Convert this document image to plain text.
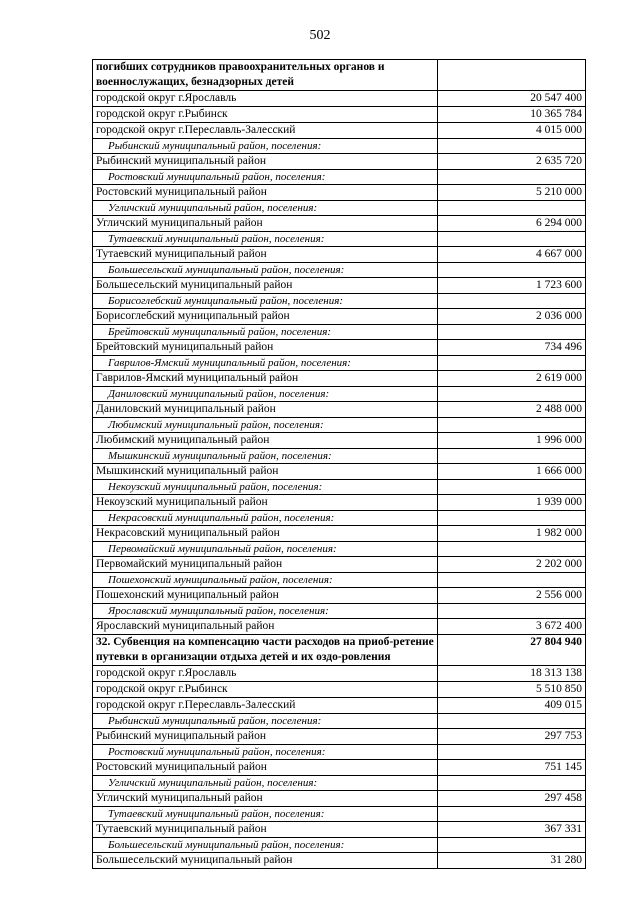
502
погибших сотрудников правоохранительных органов и военнослужащих, безнадзорных детей	
городской округ г.Ярославль	20 547 400
городской округ г.Рыбинск	10 365 784
городской округ г.Переславль-Залесский	4 015 000
Рыбинский муниципальный район, поселения:	
Рыбинский муниципальный район	2 635 720
Ростовский муниципальный район, поселения:	
Ростовский муниципальный район	5 210 000
Угличский муниципальный район, поселения:	
Угличский муниципальный район	6 294 000
Тутаевский муниципальный район, поселения:	
Тутаевский муниципальный район	4 667 000
Большесельский муниципальный район, поселения:	
Большесельский муниципальный район	1 723 600
Борисоглебский муниципальный район, поселения:	
Борисоглебский муниципальный район	2 036 000
Брейтовский муниципальный район, поселения:	
Брейтовский муниципальный район	734 496
Гаврилов-Ямский муниципальный район, поселения:	
Гаврилов-Ямский муниципальный район	2 619 000
Даниловский муниципальный район, поселения:	
Даниловский муниципальный район	2 488 000
Любимский муниципальный район, поселения:	
Любимский муниципальный район	1 996 000
Мышкинский муниципальный район, поселения:	
Мышкинский муниципальный район	1 666 000
Некоузский муниципальный район, поселения:	
Некоузский муниципальный район	1 939 000
Некрасовский муниципальный район, поселения:	
Некрасовский муниципальный район	1 982 000
Первомайский муниципальный район, поселения:	
Первомайский муниципальный район	2 202 000
Пошехонский муниципальный район, поселения:	
Пошехонский муниципальный район	2 556 000
Ярославский муниципальный район, поселения:	
Ярославский муниципальный район	3 672 400
32. Субвенция на компенсацию части расходов на приоб-ретение путевки в организации отдыха детей и их оздо-ровления	27 804 940
городской округ г.Ярославль	18 313 138
городской округ г.Рыбинск	5 510 850
городской округ г.Переславль-Залесский	409 015
Рыбинский муниципальный район, поселения:	
Рыбинский муниципальный район	297 753
Ростовский муниципальный район, поселения:	
Ростовский муниципальный район	751 145
Угличский муниципальный район, поселения:	
Угличский муниципальный район	297 458
Тутаевский муниципальный район, поселения:	
Тутаевский муниципальный район	367 331
Большесельский муниципальный район, поселения:	
Большесельский муниципальный район	31 280
